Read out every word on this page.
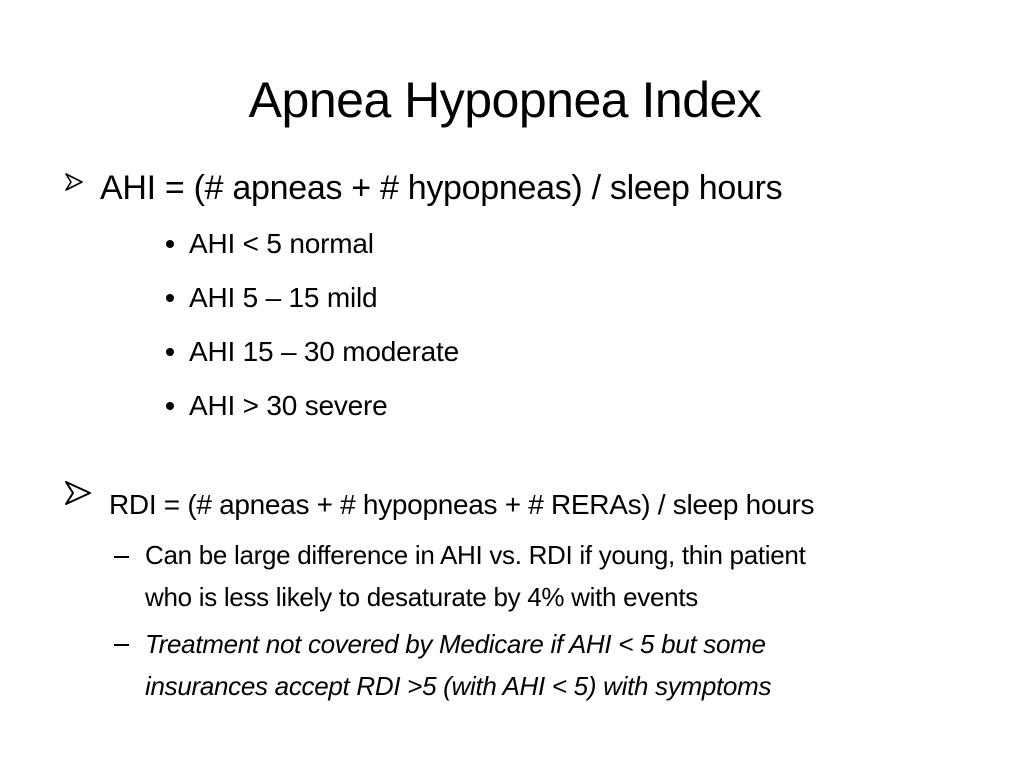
Apnea Hypopnea Index
AHI = (# apneas + # hypopneas) / sleep hours
AHI < 5 normal
AHI 5 – 15 mild
AHI 15 – 30 moderate
AHI > 30 severe
RDI = (# apneas + # hypopneas + # RERAs) / sleep hours
Can be large difference in AHI vs. RDI if young, thin patient
who is less likely to desaturate by 4% with events
Treatment not covered by Medicare if AHI < 5 but some
insurances accept RDI >5 (with AHI < 5) with symptoms
